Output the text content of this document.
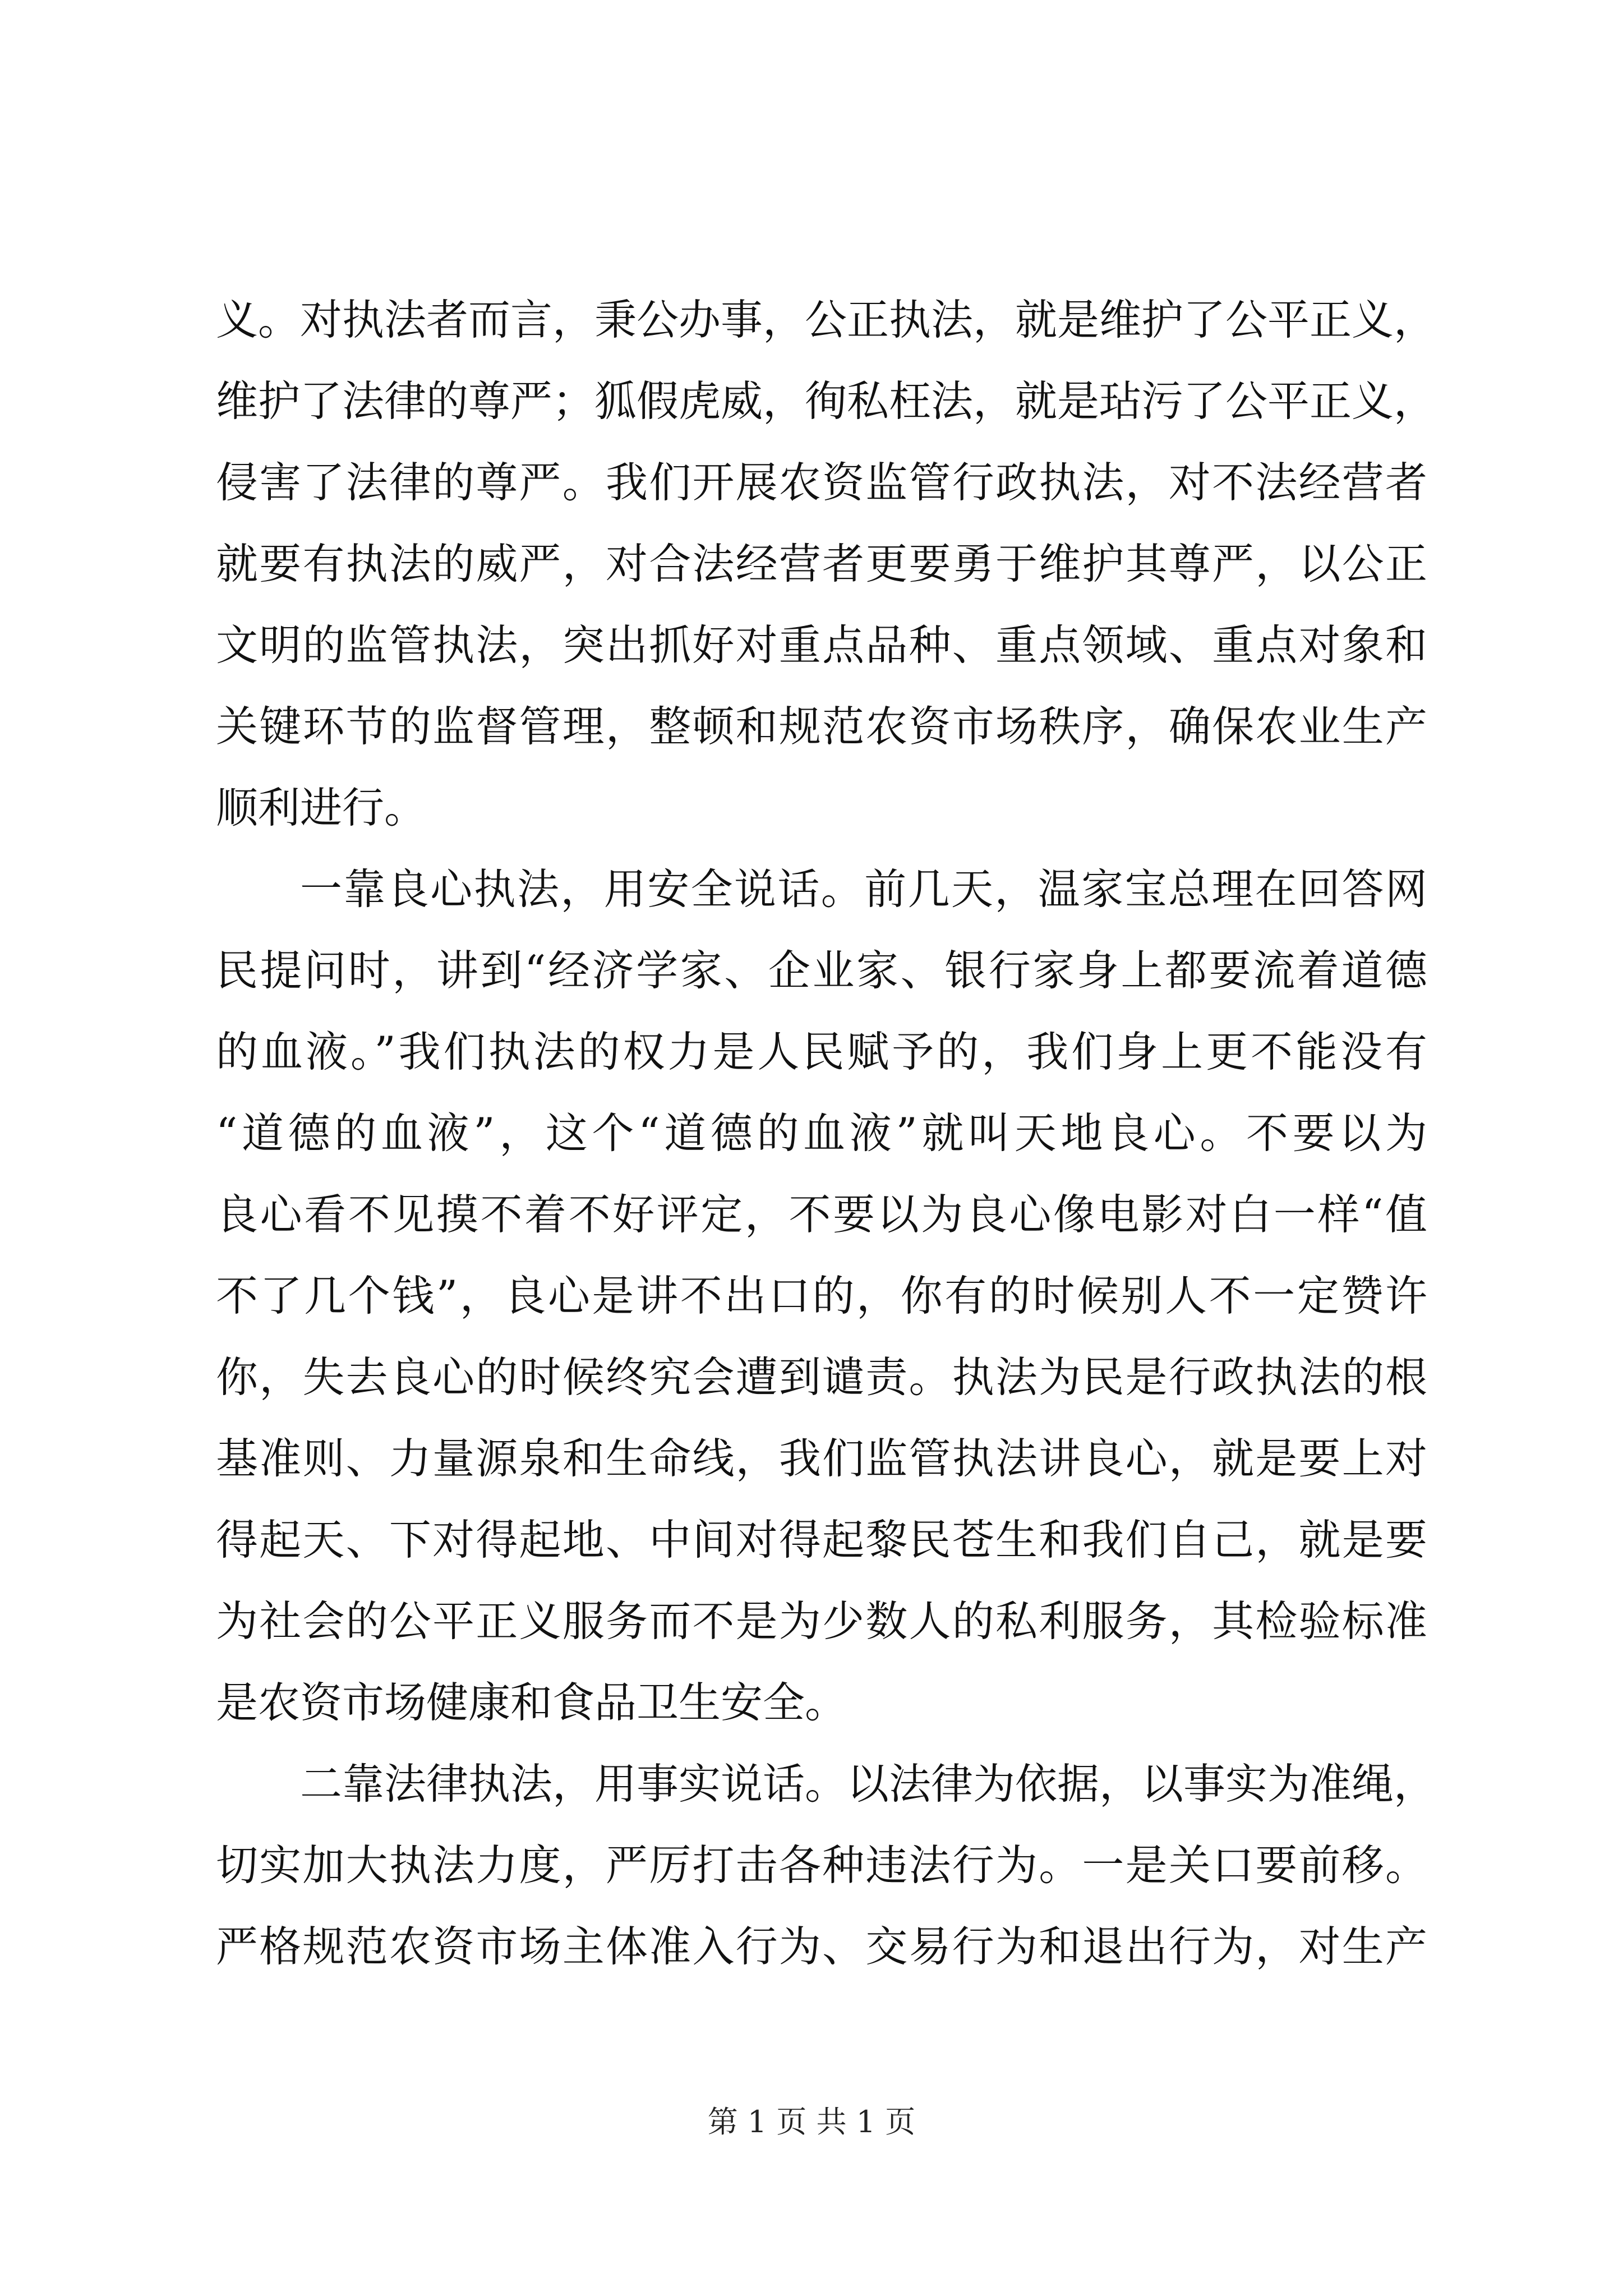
义。对执法者而言，秉公办事，公正执法，就是维护了公平正义，
维护了法律的尊严；狐假虎威，徇私枉法，就是玷污了公平正义，
侵害了法律的尊严。我们开展农资监管行政执法，对不法经营者
就要有执法的威严，对合法经营者更要勇于维护其尊严，以公正
文明的监管执法，突出抓好对重点品种、重点领域、重点对象和
关键环节的监督管理，整顿和规范农资市场秩序，确保农业生产
顺利进行。
一靠良心执法，用安全说话。前几天，温家宝总理在回答网
民提问时，讲到“经济学家、企业家、银行家身上都要流着道德
的血液。”我们执法的权力是人民赋予的，我们身上更不能没有
“道德的血液”，这个“道德的血液”就叫天地良心。不要以为
良心看不见摸不着不好评定，不要以为良心像电影对白一样“值
不了几个钱”，良心是讲不出口的，你有的时候别人不一定赞许
你，失去良心的时候终究会遭到谴责。执法为民是行政执法的根
基准则、力量源泉和生命线，我们监管执法讲良心，就是要上对
得起天、下对得起地、中间对得起黎民苍生和我们自己，就是要
为社会的公平正义服务而不是为少数人的私利服务，其检验标准
是农资市场健康和食品卫生安全。
二靠法律执法，用事实说话。以法律为依据，以事实为准绳，
切实加大执法力度，严厉打击各种违法行为。一是关口要前移。
严格规范农资市场主体准入行为、交易行为和退出行为，对生产
第 1 页 共 1 页
